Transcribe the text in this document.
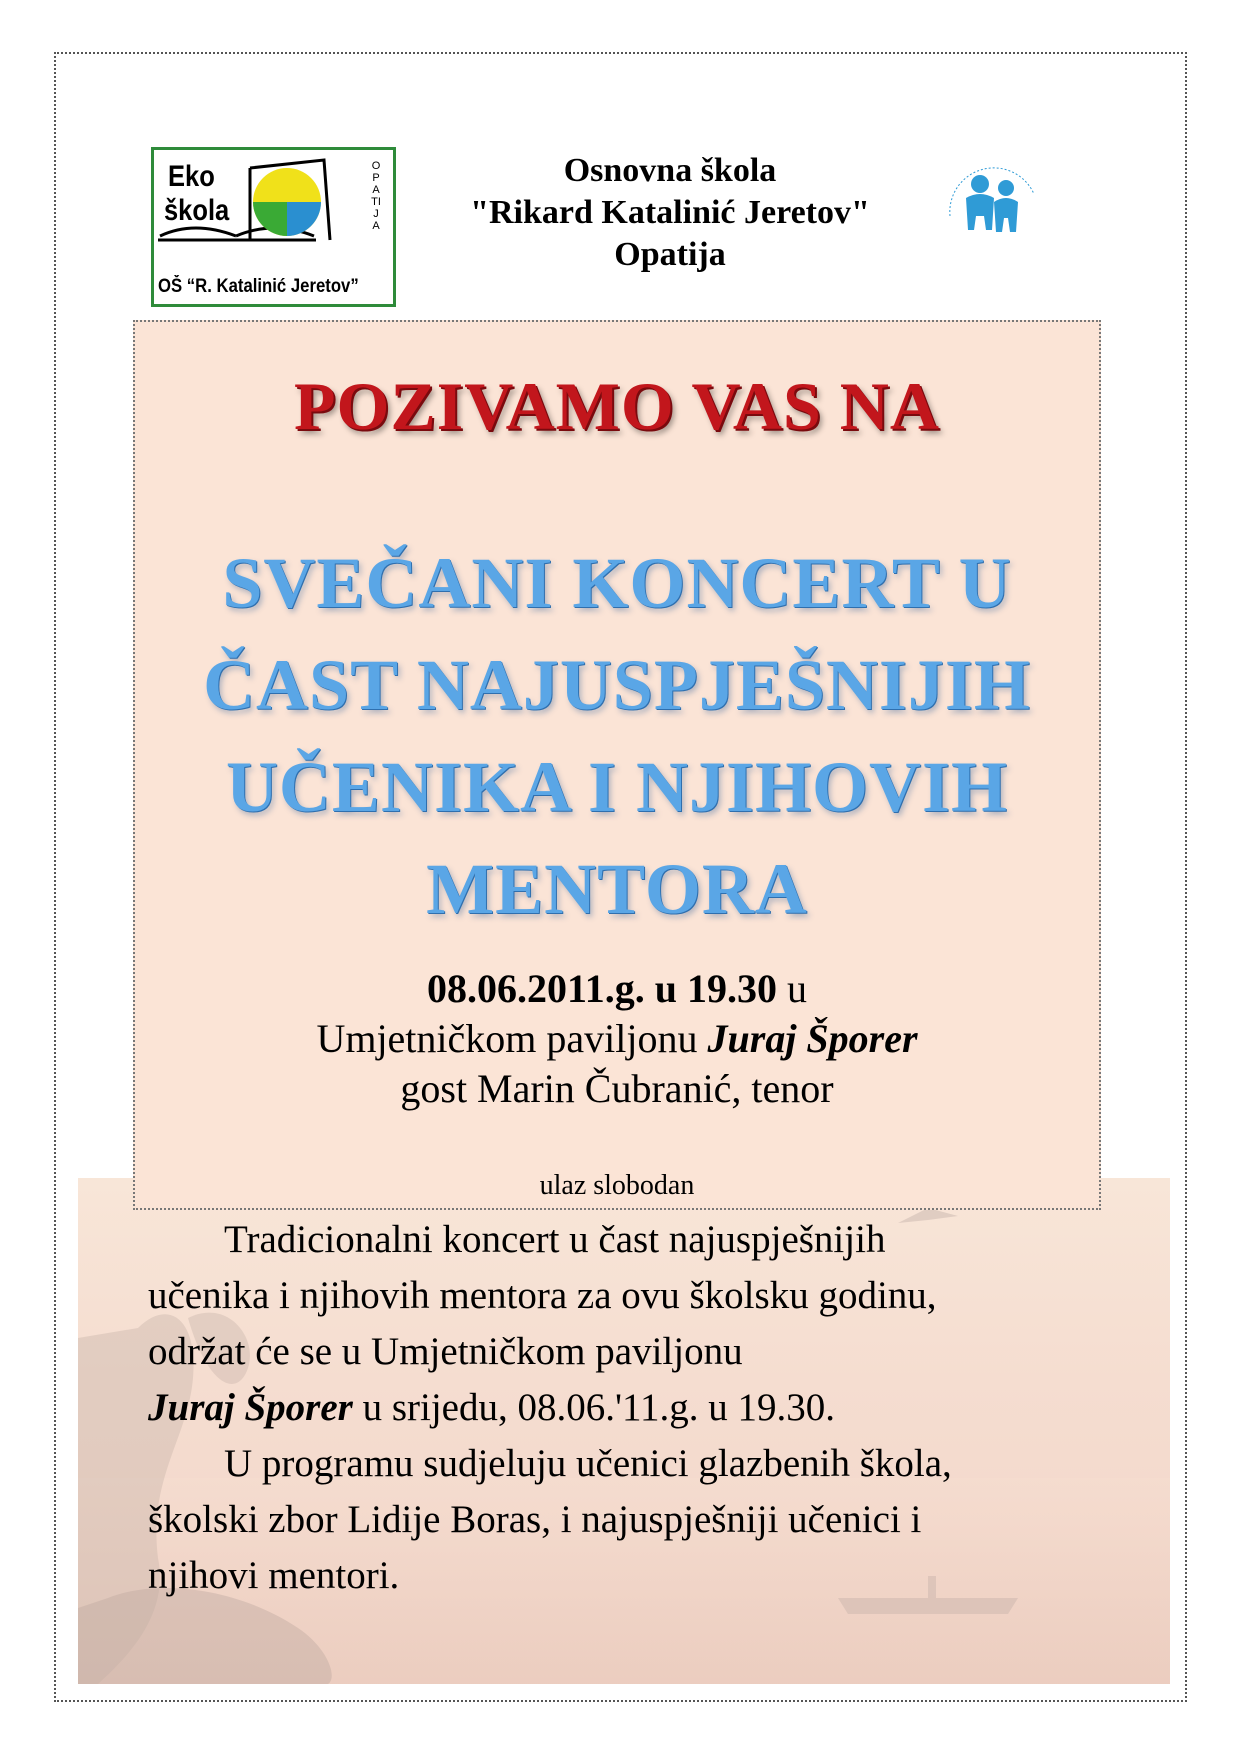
Eko
škola
OPATIJA
OŠ “R. Katalinić Jeretov”
Osnovna škola
"Rikard Katalinić Jeretov"
Opatija
POZIVAMO VAS NA
SVEČANI KONCERT U
ČAST NAJUSPJEŠNIJIH
UČENIKA I NJIHOVIH
MENTORA
08.06.2011.g. u 19.30 u
Umjetničkom paviljonu Juraj Šporer
gost Marin Čubranić, tenor
ulaz slobodan

Tradicionalni koncert u čast najuspješnijih
učenika i njihovih mentora za ovu školsku godinu,
održat će se u Umjetničkom paviljonu
Juraj Šporer u srijedu, 08.06.'11.g. u 19.30.

U programu sudjeluju učenici glazbenih škola,
školski zbor Lidije Boras, i najuspješniji učenici i
njihovi mentori.
